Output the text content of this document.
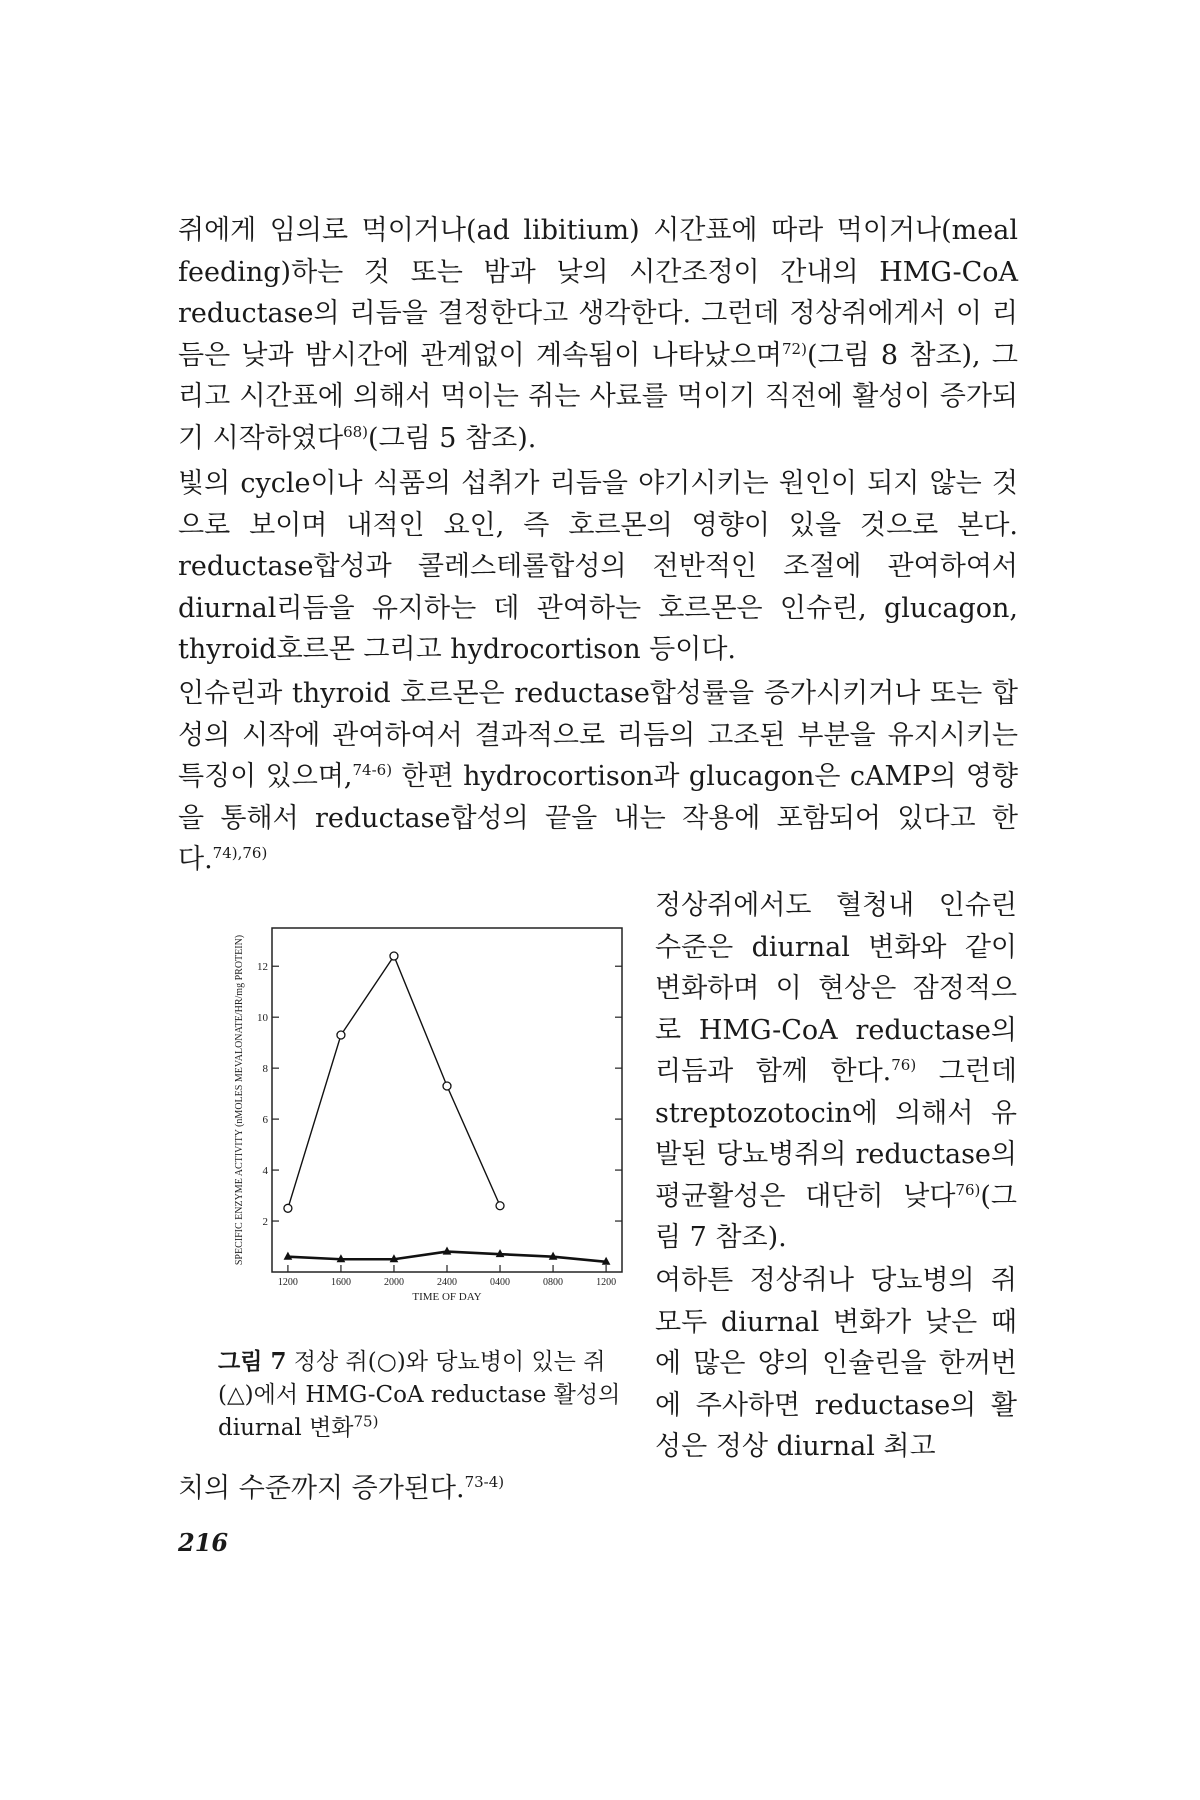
쥐에게 임의로 먹이거나(ad libitium) 시간표에 따라 먹이거나(meal feeding)하는 것 또는 밤과 낮의 시간조정이 간내의 HMG-CoA reductase의 리듬을 결정한다고 생각한다. 그런데 정상쥐에게서 이 리듬은 낮과 밤시간에 관계없이 계속됨이 나타났으며$^{72)}$(그림 8 참조), 그리고 시간표에 의해서 먹이는 쥐는 사료를 먹이기 직전에 활성이 증가되기 시작하였다$^{68)}$(그림 5 참조).

빛의 cycle이나 식품의 섭취가 리듬을 야기시키는 원인이 되지 않는 것으로 보이며 내적인 요인, 즉 호르몬의 영향이 있을 것으로 본다. reductase합성과 콜레스테롤합성의 전반적인 조절에 관여하여서 diurnal리듬을 유지하는 데 관여하는 호르몬은 인슈린, glucagon, thyroid호르몬 그리고 hydrocortison 등이다.

인슈린과 thyroid 호르몬은 reductase합성률을 증가시키거나 또는 합성의 시작에 관여하여서 결과적으로 리듬의 고조된 부분을 유지시키는 특징이 있으며,$^{74-6)}$ 한편 hydrocortison과 glucagon은 cAMP의 영향을 통해서 reductase합성의 끝을 내는 작용에 포함되어 있다고 한다.$^{74),76)}$

정상쥐에서도 혈청내 인슈린 수준은 diurnal 변화와 같이 변화하며 이 현상은 잠정적으로 HMG-CoA reductase의 리듬과 함께 한다.$^{76)}$ 그런데 streptozotocin에 의해서 유발된 당뇨병쥐의 reductase의 평균활성은 대단히 낮다$^{76)}$(그림 7 참조).

여하튼 정상쥐나 당뇨병의 쥐 모두 diurnal 변화가 낮은 때에 많은 양의 인슐린을 한꺼번에 주사하면 reductase의 활성은 정상 diurnal 최고

치의 수준까지 증가된다.$^{73-4)}$

2
4
6
8
10
12
1200	1600	2000	2400	0400	0800	1200
TIME OF DAY
SPECIFIC ENZYME ACTIVITY (nMOLES MEVALONATE/HR/mg PROTEIN)

그림 7 정상 쥐(○)와 당뇨병이 있는 쥐(△)에서 HMG-CoA reductase 활성의 diurnal 변화$^{75)}$

216
